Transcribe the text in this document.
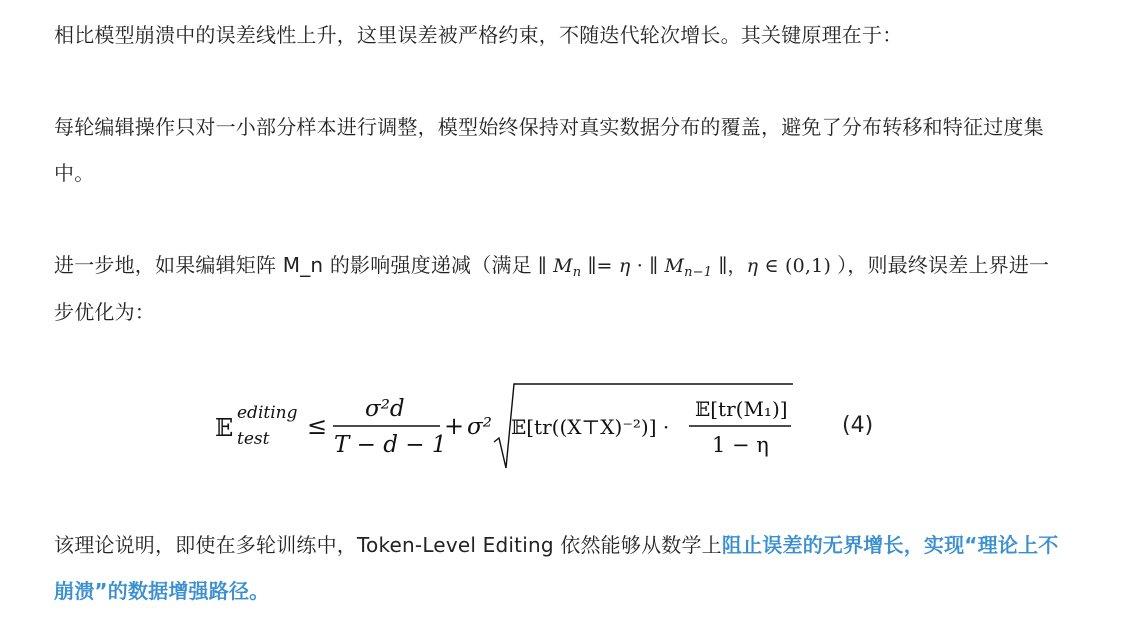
相比模型崩溃中的误差线性上升，这里误差被严格约束，不随迭代轮次增长。其关键原理在于：

每轮编辑操作只对一小部分样本进行调整，模型始终保持对真实数据分布的覆盖，避免了分布转移和特征过度集中。

进一步地，如果编辑矩阵 M_n 的影响强度递减（满足 ∥ $M_n$ ∥= η · ∥ $M_{n-1}$ ∥，η ∈ (0,1) ），则最终误差上界进一步优化为：

𝔼
editing
test ≤
σ²d
T − d − 1
+ σ² 𝔼[tr((X⊤X)⁻²)] ·
𝔼[tr(M₁)]
1 − η
(4)

该理论说明，即使在多轮训练中，Token-Level Editing 依然能够从数学上阻止误差的无界增长，实现“理论上不崩溃”的数据增强路径。
